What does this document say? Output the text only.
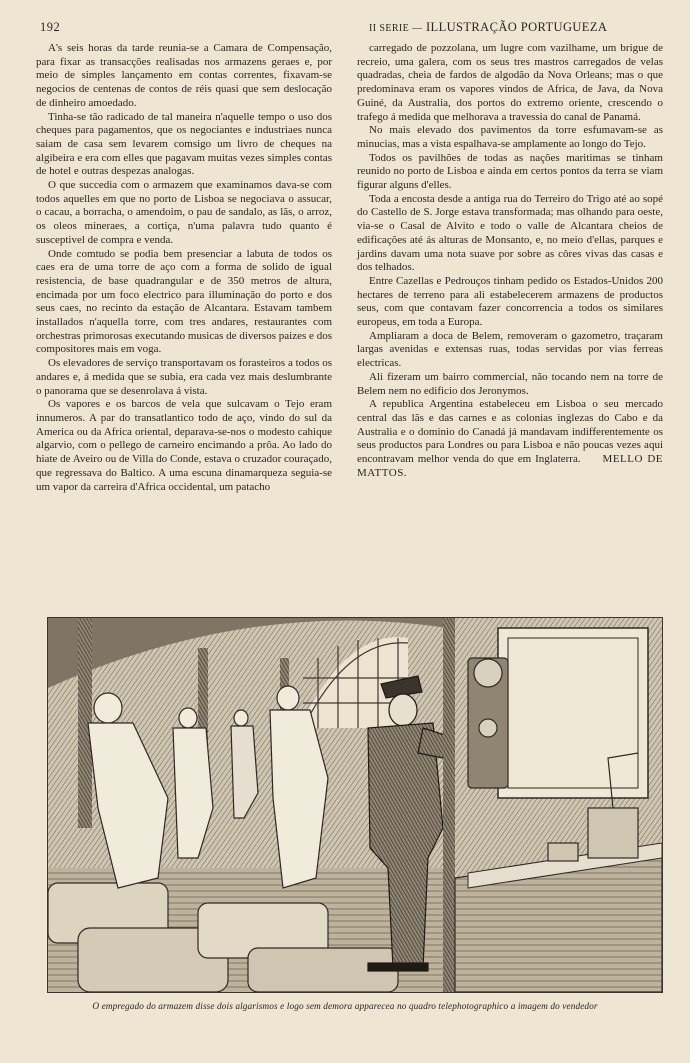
192	II SERIE — ILLUSTRAÇÃO PORTUGUEZA

A's seis horas da tarde reunia-se a Camara de Compensação, para fixar as transacções realisadas nos armazens geraes e, por meio de simples lançamento em contas correntes, fixavam-se negocios de centenas de contos de réis quasi que sem deslocação de dinheiro amoedado.

Tinha-se tão radicado de tal maneira n'aquelle tempo o uso dos cheques para pagamentos, que os negociantes e industriaes nunca saiam de casa sem levarem comsigo um livro de cheques na algibeira e era com elles que pagavam muitas vezes simples contas de hotel e outras despezas analogas.

O que succedia com o armazem que examinamos dava-se com todos aquelles em que no porto de Lisboa se negociava o assucar, o cacau, a borracha, o amendoim, o pau de sandalo, as lãs, o arroz, os oleos mineraes, a cortiça, n'uma palavra tudo quanto é susceptivel de compra e venda.

Onde comtudo se podia bem presenciar a labuta de todos os caes era de uma torre de aço com a forma de solido de igual resistencia, de base quadrangular e de 350 metros de altura, encimada por um foco electrico para illuminação do porto e dos seus caes, no recinto da estação de Alcantara. Estavam tambem installados n'aquella torre, com tres andares, restaurantes com orchestras primorosas executando musicas de diversos paizes e dos compositores mais em voga.

Os elevadores de serviço transportavam os forasteiros a todos os andares e, á medida que se subia, era cada vez mais deslumbrante o panorama que se desenrolava á vista.

Os vapores e os barcos de vela que sulcavam o Tejo eram innumeros. A par do transatlantico todo de aço, vindo do sul da America ou da Africa oriental, deparava-se-nos o modesto cahique algarvio, com o pellego de carneiro encimando a prôa. Ao lado do hiate de Aveiro ou de Villa do Conde, estava o cruzador couraçado, que regressava do Baltico. A uma escuna dinamarqueza seguia-se um vapor da carreira d'Africa occidental, um patacho

carregado de pozzolana, um lugre com vazilhame, um brigue de recreio, uma galera, com os seus tres mastros carregados de velas quadradas, cheia de fardos de algodão da Nova Orleans; mas o que predominava eram os vapores vindos de Africa, de Java, da Nova Guiné, da Australia, dos portos do extremo oriente, crescendo o trafego á medida que melhorava a travessia do canal de Panamá.

No mais elevado dos pavimentos da torre esfumavam-se as minucias, mas a vista espalhava-se amplamente ao longo do Tejo.

Todos os pavilhões de todas as nações maritimas se tinham reunido no porto de Lisboa e ainda em certos pontos da terra se viam figurar alguns d'elles.

Toda a encosta desde a antiga rua do Terreiro do Trigo até ao sopé do Castello de S. Jorge estava transformada; mas olhando para oeste, via-se o Casal de Alvito e todo o valle de Alcantara cheios de edificações até ás alturas de Monsanto, e, no meio d'ellas, parques e jardins davam uma nota suave por sobre as côres vivas das casas e dos telhados.

Entre Cazellas e Pedrouços tinham pedido os Estados-Unidos 200 hectares de terreno para ali estabelecerem armazens de productos seus, com que contavam fazer concorrencia a todos os similares europeus, em toda a Europa.

Ampliaram a doca de Belem, removeram o gazometro, traçaram largas avenidas e extensas ruas, todas servidas por vias ferreas electricas.

Ali fizeram um bairro commercial, não tocando nem na torre de Belem nem no edificio dos Jeronymos.

A republica Argentina estabeleceu em Lisboa o seu mercado central das lãs e das carnes e as colonias inglezas do Cabo e da Australia e o dominio do Canadá já mandavam indifferentemente os seus productos para Londres ou para Lisboa e não poucas vezes aqui encontravam melhor venda do que em Inglaterra. MELLO DE MATTOS.

O empregado do armazem disse dois algarismos e logo sem demora apparecea no quadro telephotographico a imagem do vendedor
